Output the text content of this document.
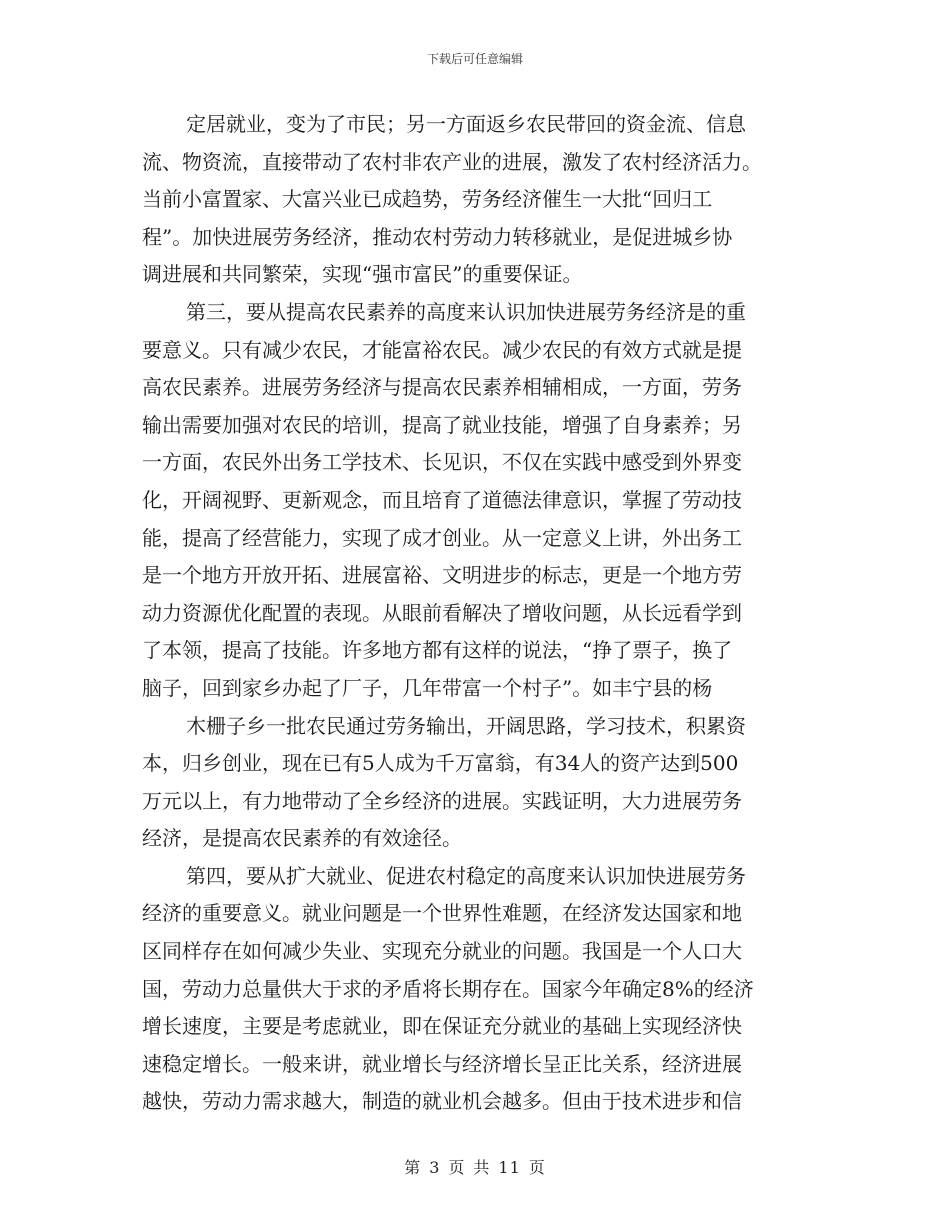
下载后可任意编辑
定居就业，变为了市民；另一方面返乡农民带回的资金流、信息
流、物资流，直接带动了农村非农产业的进展，激发了农村经济活力。
当前小富置家、大富兴业已成趋势，劳务经济催生一大批“回归工
程”。加快进展劳务经济，推动农村劳动力转移就业，是促进城乡协
调进展和共同繁荣，实现“强市富民”的重要保证。
第三，要从提高农民素养的高度来认识加快进展劳务经济是的重
要意义。只有减少农民，才能富裕农民。减少农民的有效方式就是提
高农民素养。进展劳务经济与提高农民素养相辅相成，一方面，劳务
输出需要加强对农民的培训，提高了就业技能，增强了自身素养；另
一方面，农民外出务工学技术、长见识，不仅在实践中感受到外界变
化，开阔视野、更新观念，而且培育了道德法律意识，掌握了劳动技
能，提高了经营能力，实现了成才创业。从一定意义上讲，外出务工
是一个地方开放开拓、进展富裕、文明进步的标志，更是一个地方劳
动力资源优化配置的表现。从眼前看解决了增收问题，从长远看学到
了本领，提高了技能。许多地方都有这样的说法，“挣了票子，换了
脑子，回到家乡办起了厂子，几年带富一个村子”。如丰宁县的杨
木栅子乡一批农民通过劳务输出，开阔思路，学习技术，积累资
本，归乡创业，现在已有5人成为千万富翁，有34人的资产达到500
万元以上，有力地带动了全乡经济的进展。实践证明，大力进展劳务
经济，是提高农民素养的有效途径。
第四，要从扩大就业、促进农村稳定的高度来认识加快进展劳务
经济的重要意义。就业问题是一个世界性难题，在经济发达国家和地
区同样存在如何减少失业、实现充分就业的问题。我国是一个人口大
国，劳动力总量供大于求的矛盾将长期存在。国家今年确定8%的经济
增长速度，主要是考虑就业，即在保证充分就业的基础上实现经济快
速稳定增长。一般来讲，就业增长与经济增长呈正比关系，经济进展
越快，劳动力需求越大，制造的就业机会越多。但由于技术进步和信
第 3 页 共 11 页
